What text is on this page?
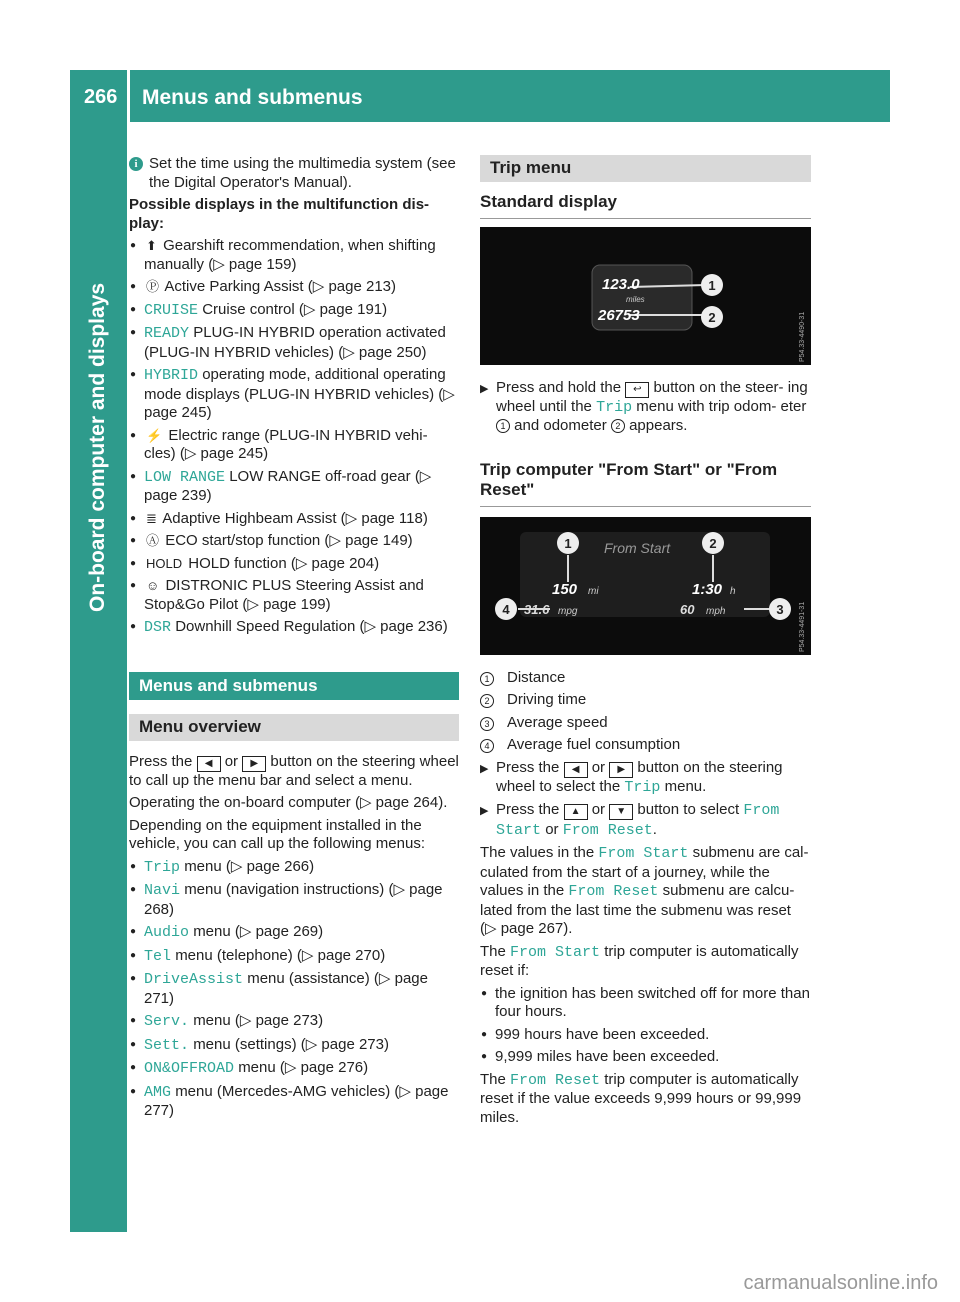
266 Menus and submenus
On-board computer and displays

i Set the time using the multimedia system (see the Digital Operator's Manual).

Possible displays in the multifunction dis- play:

● ⬆ Gearshift recommendation, when shifting manually (▷ page 159)

● Ⓟ Active Parking Assist (▷ page 213)

● CRUISE Cruise control (▷ page 191)

● READY PLUG-IN HYBRID operation activated (PLUG-IN HYBRID vehicles) (▷ page 250)

● HYBRID operating mode, additional operating mode displays (PLUG-IN HYBRID vehicles) (▷ page 245)

● ⚡ Electric range (PLUG-IN HYBRID vehi- cles) (▷ page 245)

● LOW RANGE LOW RANGE off-road gear (▷ page 239)

● ≣ Adaptive Highbeam Assist (▷ page 118)

● Ⓐ ECO start/stop function (▷ page 149)

● HOLD HOLD function (▷ page 204)

● ☺ DISTRONIC PLUS Steering Assist and Stop&Go Pilot (▷ page 199)

● DSR Downhill Speed Regulation (▷ page 236)

Menus and submenus

Menu overview

Press the ◀ or ▶ button on the steering wheel to call up the menu bar and select a menu.

Operating the on-board computer (▷ page 264).

Depending on the equipment installed in the vehicle, you can call up the following menus:

● Trip menu (▷ page 266)

● Navi menu (navigation instructions) (▷ page 268)

● Audio menu (▷ page 269)

● Tel menu (telephone) (▷ page 270)

● DriveAssist menu (assistance) (▷ page 271)

● Serv. menu (▷ page 273)

● Sett. menu (settings) (▷ page 273)

● ON&OFFROAD menu (▷ page 276)

● AMG menu (Mercedes-AMG vehicles) (▷ page 277)

Trip menu

Standard display
1
2
123.0
miles
26753	P54.33-4490-31

▶ Press and hold the ↩ button on the steer- ing wheel until the Trip menu with trip odom- eter 1 and odometer 2 appears.

Trip computer "From Start" or "From Reset"
1	2
4	3
From Start
150 mi	1:30 h
31.6 mpg	60 mph	P54.33-4491-31

1	Distance

2	Driving time

3	Average speed

4	Average fuel consumption

▶ Press the ◀ or ▶ button on the steering wheel to select the Trip menu.

▶ Press the ▲ or ▼ button to select From Start or From Reset.

The values in the From Start submenu are cal- culated from the start of a journey, while the values in the From Reset submenu are calcu- lated from the last time the submenu was reset (▷ page 267).

The From Start trip computer is automatically reset if:

● the ignition has been switched off for more than four hours.

● 999 hours have been exceeded.

● 9,999 miles have been exceeded.

The From Reset trip computer is automatically reset if the value exceeds 9,999 hours or 99,999 miles.

carmanualsonline.info
